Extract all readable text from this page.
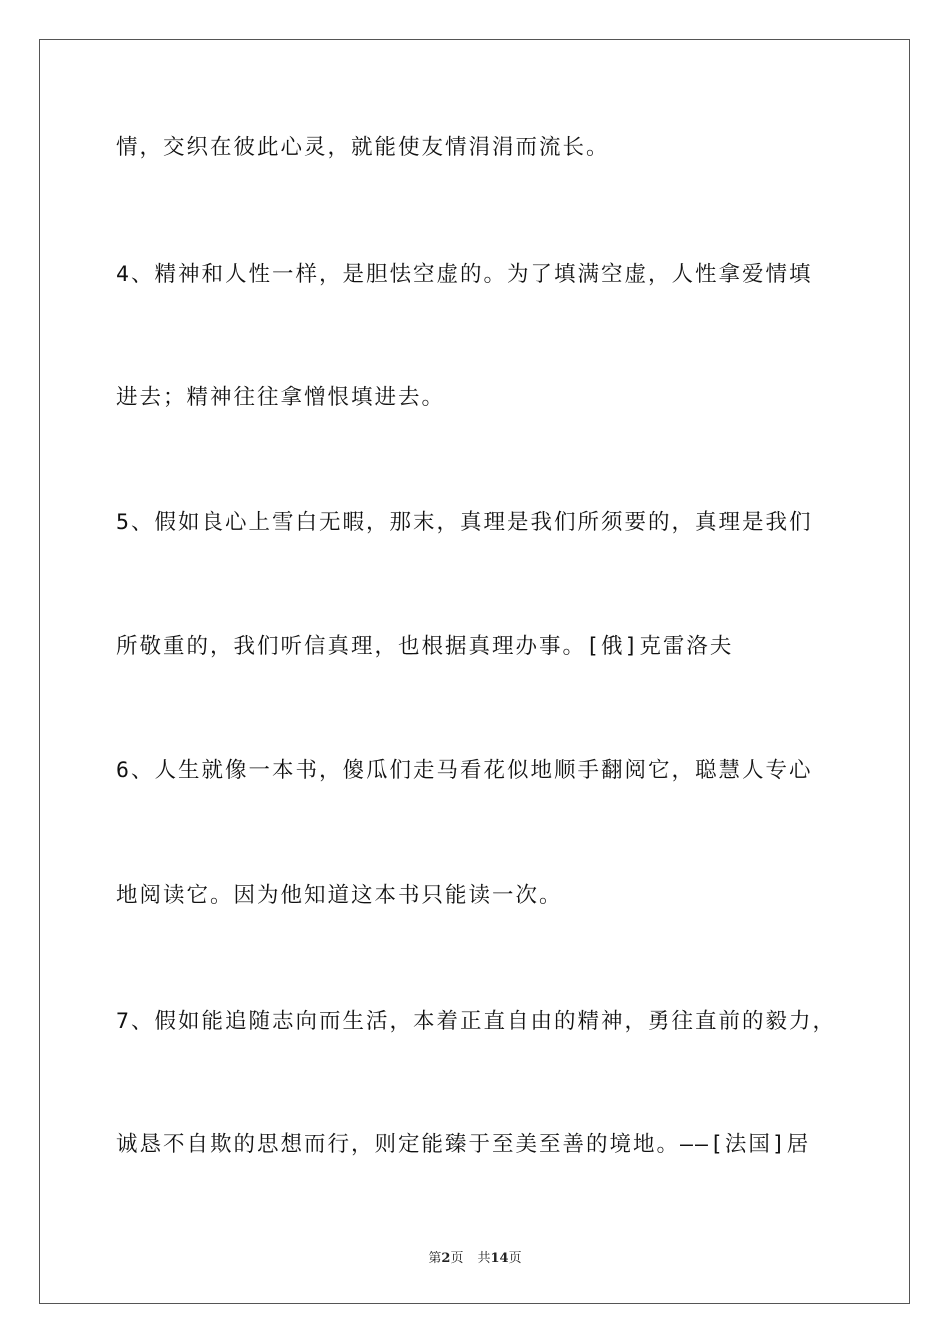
情，交织在彼此心灵，就能使友情涓涓而流长。

4、精神和人性一样，是胆怯空虚的。为了填满空虚，人性拿爱情填

进去；精神往往拿憎恨填进去。

5、假如良心上雪白无暇，那末，真理是我们所须要的，真理是我们

所敬重的，我们听信真理，也根据真理办事。[俄]克雷洛夫

6、人生就像一本书，傻瓜们走马看花似地顺手翻阅它，聪慧人专心

地阅读它。因为他知道这本书只能读一次。

7、假如能追随志向而生活，本着正直自由的精神，勇往直前的毅力，

诚恳不自欺的思想而行，则定能臻于至美至善的境地。——[法国]居

第2页 共14页
